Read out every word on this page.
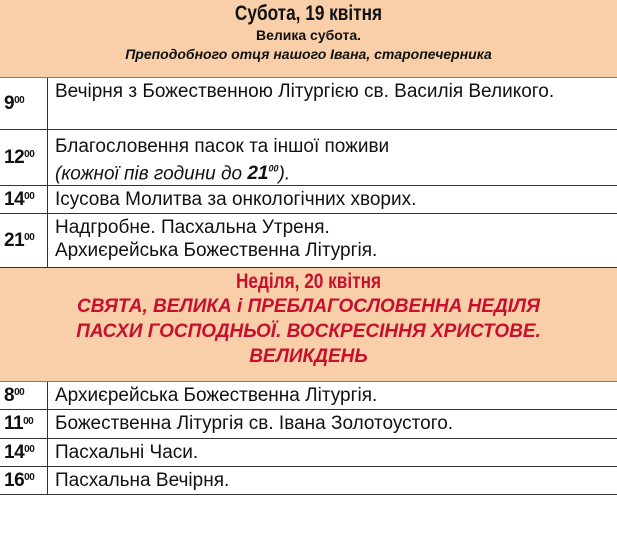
Субота, 19 квітня
Велика субота.
Преподобного отця нашого Івана, старопечерника
$9^{00}$	Вечірня з Божественною Літургією св. Василія Великого.
$12^{00}$ Благословення пасок та іншої поживи
(кожної пів години до $21^{00}$).
$14^{00}$	Ісусова Молитва за онкологічних хворих.
$21^{00}$ Надгробне. Пасхальна Утреня.
Архиєрейська Божественна Літургія.
Неділя, 20 квітня
СВЯТА, ВЕЛИКА і ПРЕБЛАГОСЛОВЕННА НЕДІЛЯ
ПАСХИ ГОСПОДНЬОЇ. ВОСКРЕСІННЯ ХРИСТОВЕ.
ВЕЛИКДЕНЬ
$8^{00}$	Архиєрейська Божественна Літургія.
$11^{00}$	Божественна Літургія св. Івана Золотоустого.
$14^{00}$	Пасхальні Часи.
$16^{00}$	Пасхальна Вечірня.
